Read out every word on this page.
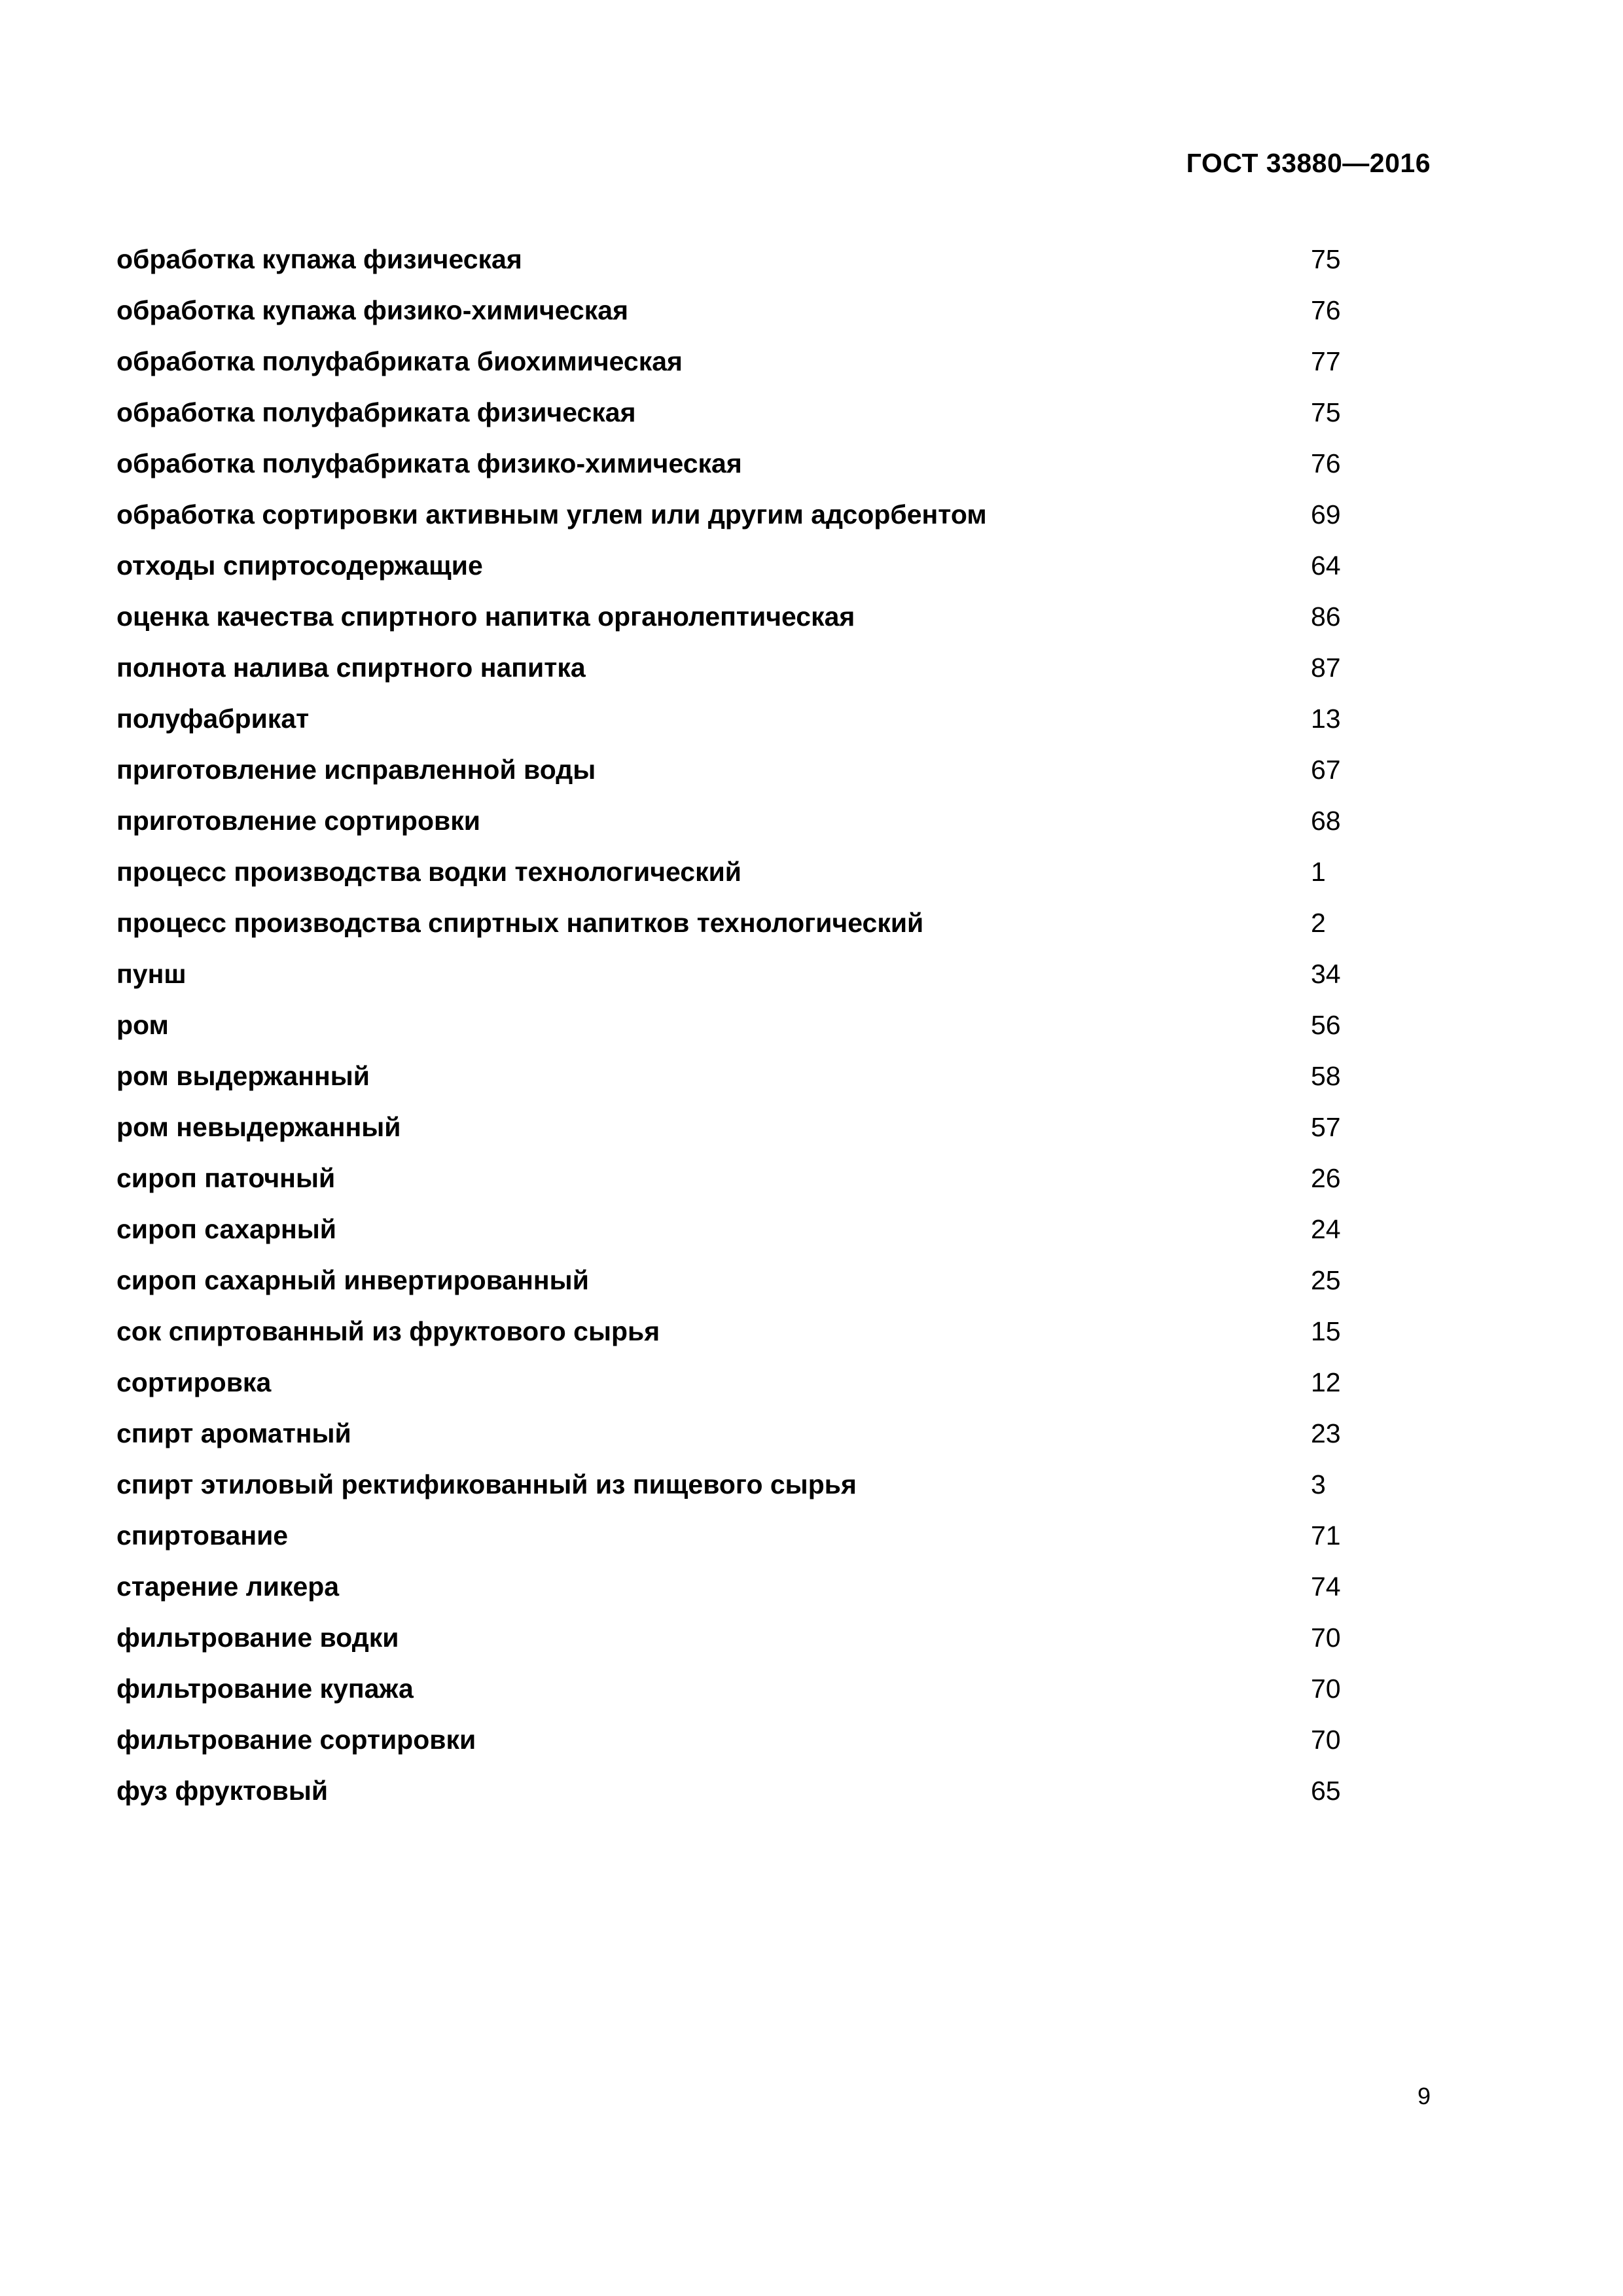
ГОСТ 33880—2016
обработка купажа физическая	75
обработка купажа физико-химическая	76
обработка полуфабриката биохимическая	77
обработка полуфабриката физическая	75
обработка полуфабриката физико-химическая	76
обработка сортировки активным углем или другим адсорбентом	69
отходы спиртосодержащие	64
оценка качества спиртного напитка органолептическая	86
полнота налива спиртного напитка	87
полуфабрикат	13
приготовление исправленной воды	67
приготовление сортировки	68
процесс производства водки технологический	1
процесс производства спиртных напитков технологический	2
пунш	34
ром	56
ром выдержанный	58
ром невыдержанный	57
сироп паточный	26
сироп сахарный	24
сироп сахарный инвертированный	25
сок спиртованный из фруктового сырья	15
сортировка	12
спирт ароматный	23
спирт этиловый ректификованный из пищевого сырья	3
спиртование	71
старение ликера	74
фильтрование водки	70
фильтрование купажа	70
фильтрование сортировки	70
фуз фруктовый	65
9
